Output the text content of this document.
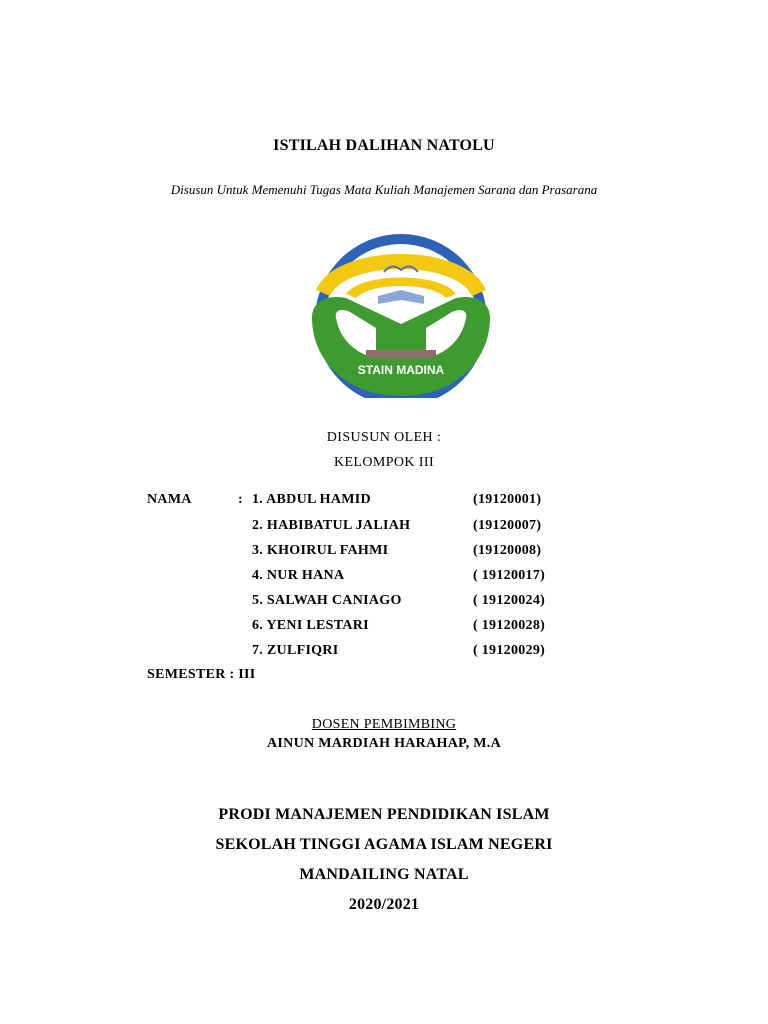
ISTILAH DALIHAN NATOLU
Disusun Untuk Memenuhi Tugas Mata Kuliah Manajemen Sarana dan Prasarana
STAIN MADINA
DISUSUN OLEH :
KELOMPOK III
NAMA	: 1. ABDUL HAMID	(19120001)
2. HABIBATUL JALIAH	(19120007)
3. KHOIRUL FAHMI	(19120008)
4. NUR HANA	( 19120017)
5. SALWAH CANIAGO	( 19120024)
6. YENI LESTARI	( 19120028)
7. ZULFIQRI	( 19120029)
SEMESTER : III
DOSEN PEMBIMBING
AINUN MARDIAH HARAHAP, M.A
PRODI MANAJEMEN PENDIDIKAN ISLAM
SEKOLAH TINGGI AGAMA ISLAM NEGERI
MANDAILING NATAL
2020/2021
